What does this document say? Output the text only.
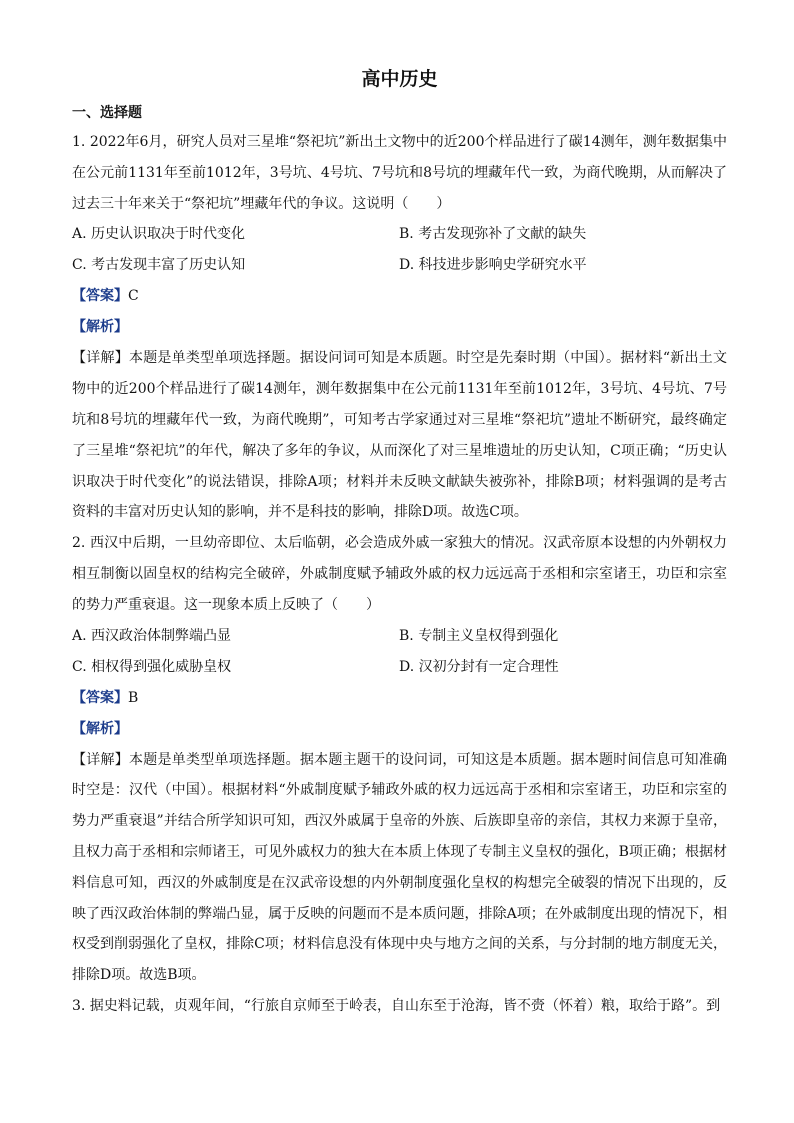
高中历史
一、选择题

1. 2022年6月，研究人员对三星堆“祭祀坑”新出土文物中的近200个样品进行了碳14测年，测年数据集中在公元前1131年至前1012年，3号坑、4号坑、7号坑和8号坑的埋藏年代一致，为商代晚期，从而解决了过去三十年来关于“祭祀坑”埋藏年代的争议。这说明（　　）

A. 历史认识取决于时代变化	B. 考古发现弥补了文献的缺失
C. 考古发现丰富了历史认知	D. 科技进步影响史学研究水平
【答案】C
【解析】

【详解】本题是单类型单项选择题。据设问词可知是本质题。时空是先秦时期（中国）。据材料“新出土文物中的近200个样品进行了碳14测年，测年数据集中在公元前1131年至前1012年，3号坑、4号坑、7号坑和8号坑的埋藏年代一致，为商代晚期”，可知考古学家通过对三星堆“祭祀坑”遗址不断研究，最终确定了三星堆“祭祀坑”的年代，解决了多年的争议，从而深化了对三星堆遗址的历史认知，C项正确；“历史认识取决于时代变化”的说法错误，排除A项；材料并未反映文献缺失被弥补，排除B项；材料强调的是考古资料的丰富对历史认知的影响，并不是科技的影响，排除D项。故选C项。

2. 西汉中后期，一旦幼帝即位、太后临朝，必会造成外戚一家独大的情况。汉武帝原本设想的内外朝权力相互制衡以固皇权的结构完全破碎，外戚制度赋予辅政外戚的权力远远高于丞相和宗室诸王，功臣和宗室的势力严重衰退。这一现象本质上反映了（　　）

A. 西汉政治体制弊端凸显	B. 专制主义皇权得到强化
C. 相权得到强化威胁皇权	D. 汉初分封有一定合理性
【答案】B
【解析】

【详解】本题是单类型单项选择题。据本题主题干的设问词，可知这是本质题。据本题时间信息可知准确时空是：汉代（中国）。根据材料“外戚制度赋予辅政外戚的权力远远高于丞相和宗室诸王，功臣和宗室的势力严重衰退”并结合所学知识可知，西汉外戚属于皇帝的外族、后族即皇帝的亲信，其权力来源于皇帝，且权力高于丞相和宗师诸王，可见外戚权力的独大在本质上体现了专制主义皇权的强化，B项正确；根据材料信息可知，西汉的外戚制度是在汉武帝设想的内外朝制度强化皇权的构想完全破裂的情况下出现的，反映了西汉政治体制的弊端凸显，属于反映的问题而不是本质问题，排除A项；在外戚制度出现的情况下，相权受到削弱强化了皇权，排除C项；材料信息没有体现中央与地方之间的关系，与分封制的地方制度无关，排除D项。故选B项。

3. 据史料记载，贞观年间，“行旅自京师至于岭表，自山东至于沧海，皆不赍（怀着）粮，取给于路”。到
